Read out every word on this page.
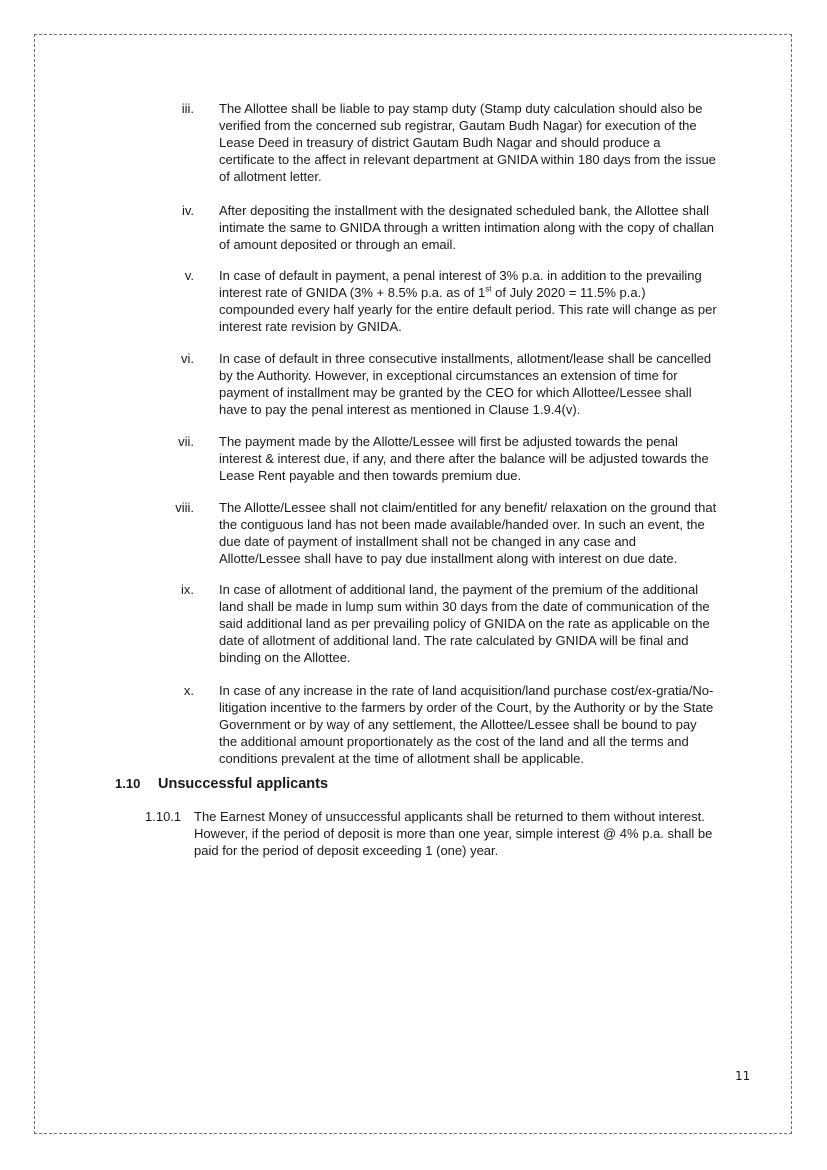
iii. The Allottee shall be liable to pay stamp duty (Stamp duty calculation should also be
verified from the concerned sub registrar, Gautam Budh Nagar) for execution of the
Lease Deed in treasury of district Gautam Budh Nagar and should produce a
certificate to the affect in relevant department at GNIDA within 180 days from the issue
of allotment letter.
iv. After depositing the installment with the designated scheduled bank, the Allottee shall
intimate the same to GNIDA through a written intimation along with the copy of challan
of amount deposited or through an email.
v. In case of default in payment, a penal interest of 3% p.a. in addition to the prevailing
interest rate of GNIDA (3% + 8.5% p.a. as of 1st of July 2020 = 11.5% p.a.)
compounded every half yearly for the entire default period. This rate will change as per
interest rate revision by GNIDA.
vi. In case of default in three consecutive installments, allotment/lease shall be cancelled
by the Authority. However, in exceptional circumstances an extension of time for
payment of installment may be granted by the CEO for which Allottee/Lessee shall
have to pay the penal interest as mentioned in Clause 1.9.4(v).
vii. The payment made by the Allotte/Lessee will first be adjusted towards the penal
interest & interest due, if any, and there after the balance will be adjusted towards the
Lease Rent payable and then towards premium due.
viii. The Allotte/Lessee shall not claim/entitled for any benefit/ relaxation on the ground that
the contiguous land has not been made available/handed over. In such an event, the
due date of payment of installment shall not be changed in any case and
Allotte/Lessee shall have to pay due installment along with interest on due date.
ix. In case of allotment of additional land, the payment of the premium of the additional
land shall be made in lump sum within 30 days from the date of communication of the
said additional land as per prevailing policy of GNIDA on the rate as applicable on the
date of allotment of additional land. The rate calculated by GNIDA will be final and
binding on the Allottee.
x. In case of any increase in the rate of land acquisition/land purchase cost/ex-gratia/No-
litigation incentive to the farmers by order of the Court, by the Authority or by the State
Government or by way of any settlement, the Allottee/Lessee shall be bound to pay
the additional amount proportionately as the cost of the land and all the terms and
conditions prevalent at the time of allotment shall be applicable.
1.10 Unsuccessful applicants
1.10.1 The Earnest Money of unsuccessful applicants shall be returned to them without interest.
However, if the period of deposit is more than one year, simple interest @ 4% p.a. shall be
paid for the period of deposit exceeding 1 (one) year.
11
